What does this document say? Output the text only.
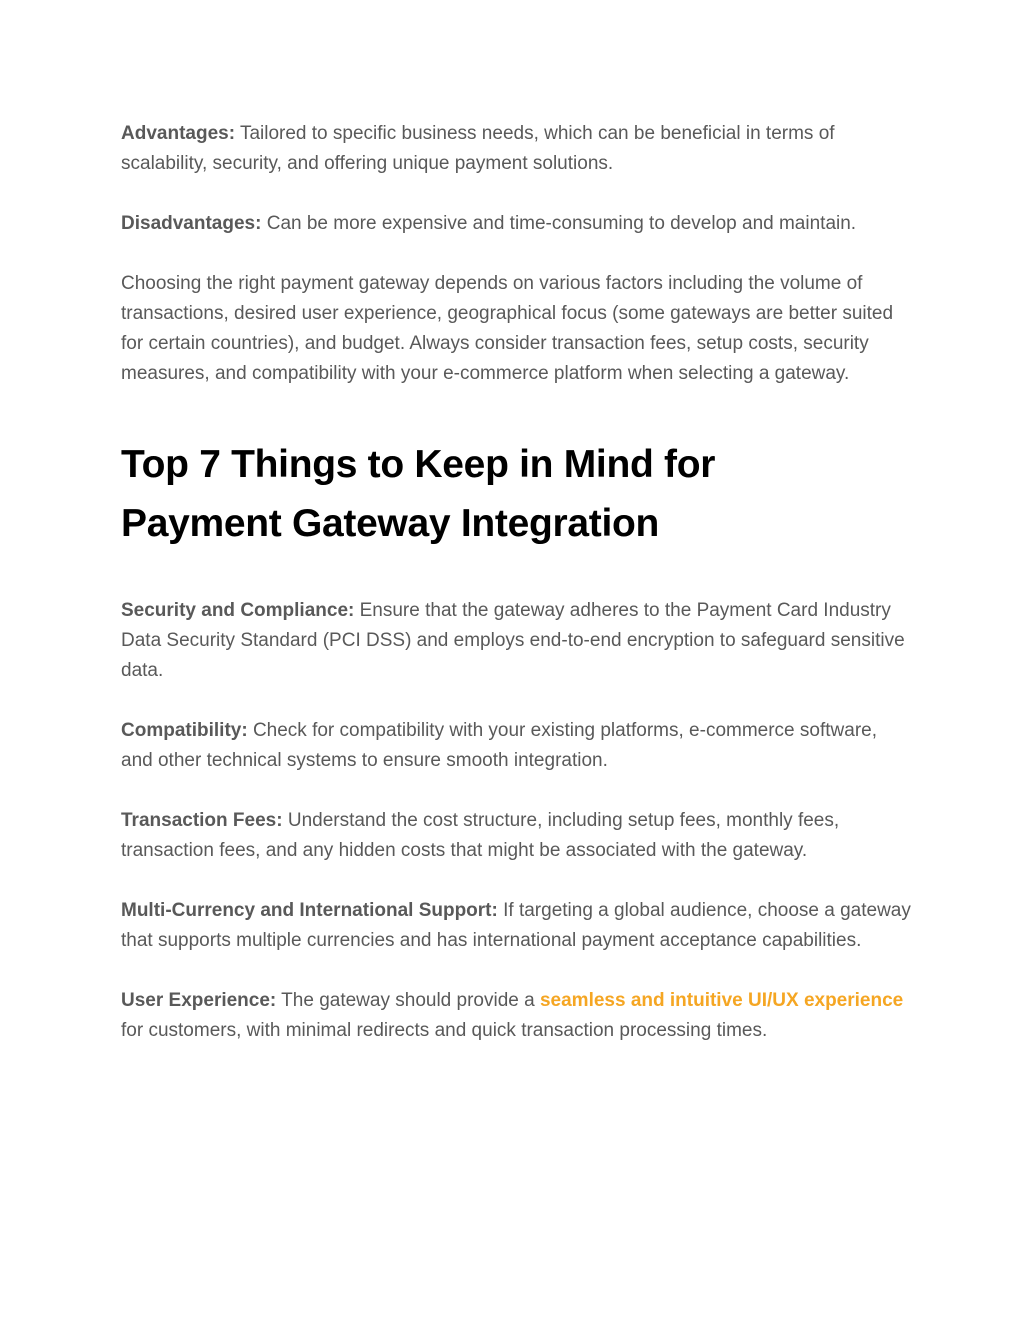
Advantages: Tailored to specific business needs, which can be beneficial in terms of scalability, security, and offering unique payment solutions.

Disadvantages: Can be more expensive and time-consuming to develop and maintain.

Choosing the right payment gateway depends on various factors including the volume of transactions, desired user experience, geographical focus (some gateways are better suited for certain countries), and budget. Always consider transaction fees, setup costs, security measures, and compatibility with your e-commerce platform when selecting a gateway.

Top 7 Things to Keep in Mind for
Payment Gateway Integration

Security and Compliance: Ensure that the gateway adheres to the Payment Card Industry Data Security Standard (PCI DSS) and employs end-to-end encryption to safeguard sensitive data.

Compatibility: Check for compatibility with your existing platforms, e-commerce software, and other technical systems to ensure smooth integration.

Transaction Fees: Understand the cost structure, including setup fees, monthly fees, transaction fees, and any hidden costs that might be associated with the gateway.

Multi-Currency and International Support: If targeting a global audience, choose a gateway that supports multiple currencies and has international payment acceptance capabilities.

User Experience: The gateway should provide a seamless and intuitive UI/UX experience for customers, with minimal redirects and quick transaction processing times.
